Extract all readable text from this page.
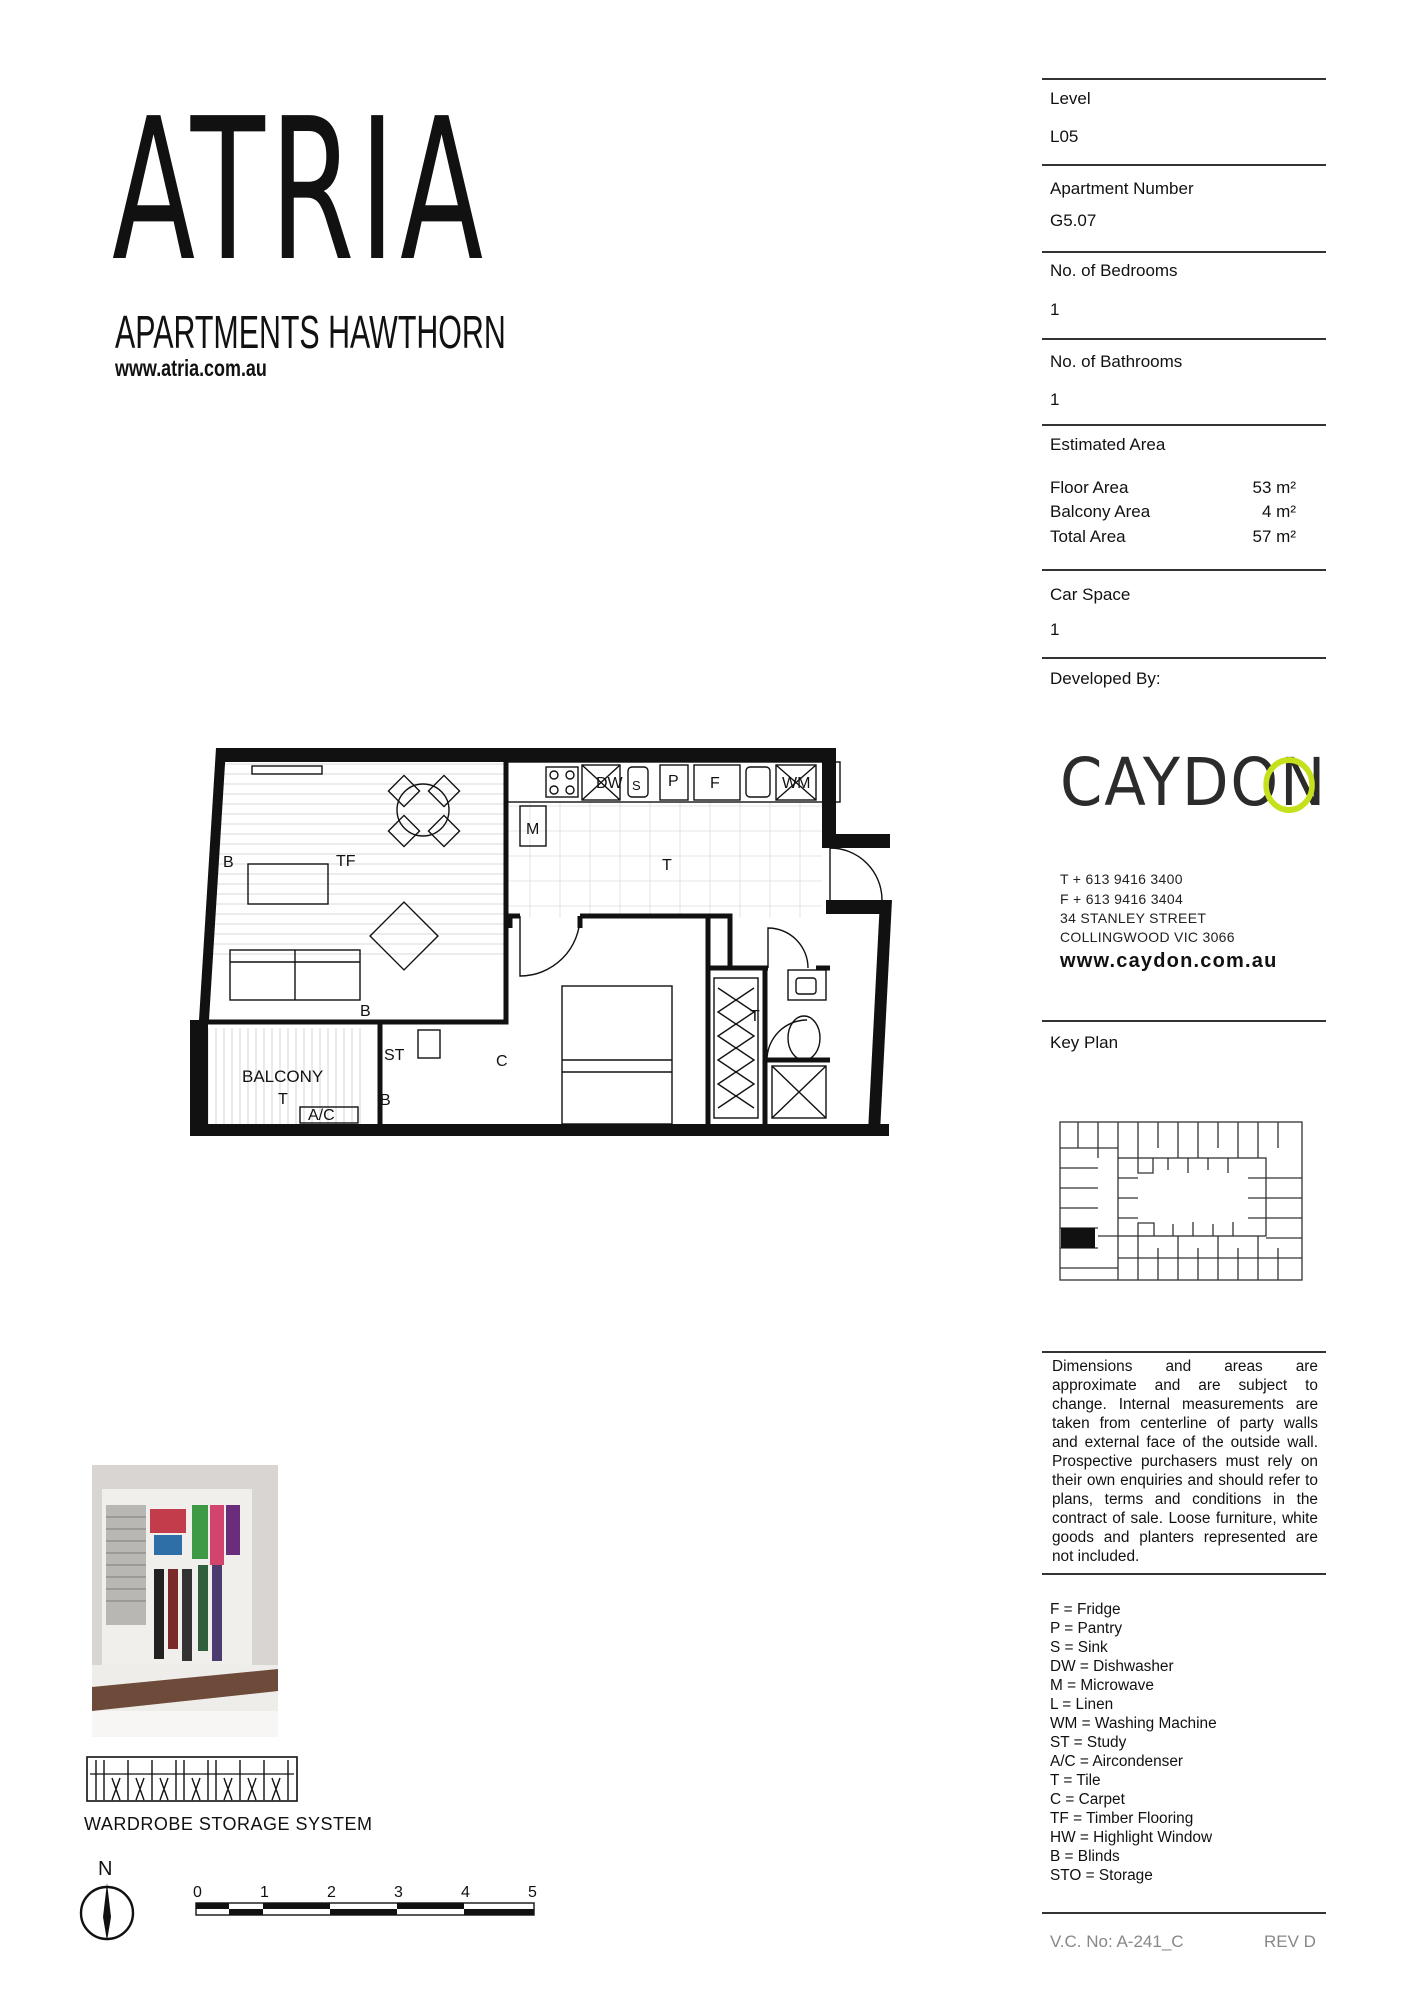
ATRIA
APARTMENTS HAWTHORN
www.atria.com.au
Level
L05
Apartment Number
G5.07
No. of Bedrooms
1
No. of Bathrooms
1
Estimated Area
Floor Area	53 m²
Balcony Area	4 m²
Total Area	57 m²
Car Space
1
Developed By:
CAYDON
T + 613 9416 3400
F + 613 9416 3404
34 STANLEY STREET
COLLINGWOOD VIC 3066
www.caydon.com.au
Key Plan
Dimensions and areas are approximate and are subject to change. Internal measurements are taken from centerline of party walls and external face of the outside wall. Prospective purchasers must rely on their own enquiries and should refer to plans, terms and conditions in the contract of sale. Loose furniture, white goods and planters represented are not included.
F = Fridge
P = Pantry
S = Sink
DW = Dishwasher
M = Microwave
L = Linen
WM = Washing Machine
ST = Study
A/C = Aircondenser
T = Tile
C = Carpet
TF = Timber Flooring
HW = Highlight Window
B = Blinds
STO = Storage
V.C. No: A-241_C	REV D
TF
B
B
B
T
T
T
C
ST
BALCONY
A/C
DW S P F	WM
M
WARDROBE STORAGE SYSTEM
N
0	1	2	3	4	5
